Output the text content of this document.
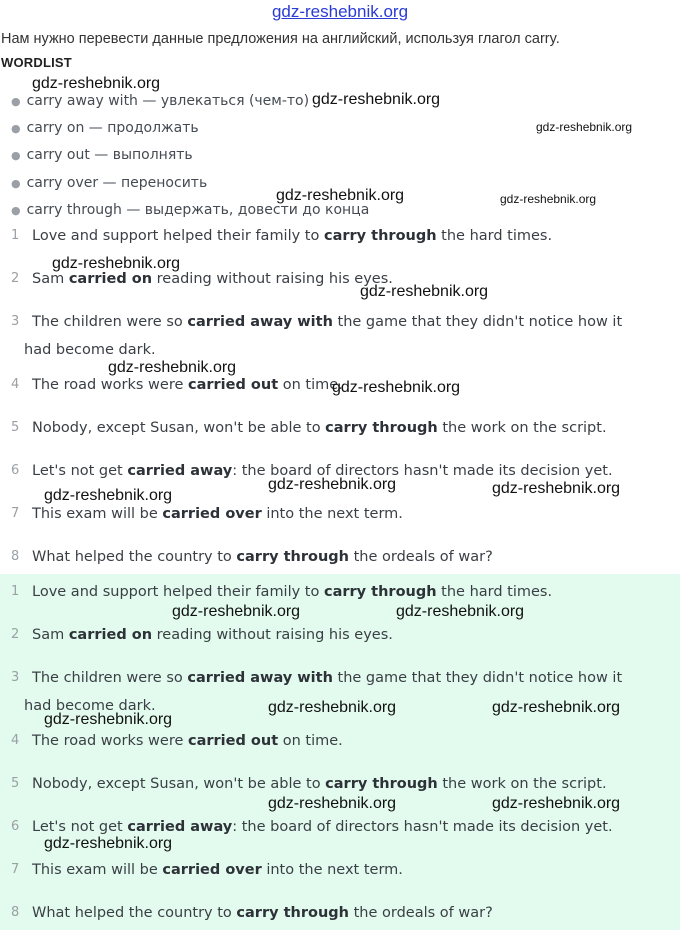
gdz-reshebnik.org
Нам нужно перевести данные предложения на английский, используя глагол carry.
WORDLIST
● carry away with — увлекаться (чем-то)
● carry on — продолжать
● carry out — выполнять
● carry over — переносить
● carry through — выдержать, довести до конца
1 Love and support helped their family to carry through the hard times.
2 Sam carried on reading without raising his eyes.
3 The children were so carried away with the game that they didn't notice how it had become dark.
4 The road works were carried out on time.
5 Nobody, except Susan, won't be able to carry through the work on the script.
6 Let's not get carried away: the board of directors hasn't made its decision yet.
7 This exam will be carried over into the next term.
8 What helped the country to carry through the ordeals of war?
1 Love and support helped their family to carry through the hard times.
2 Sam carried on reading without raising his eyes.
3 The children were so carried away with the game that they didn't notice how it had become dark.
4 The road works were carried out on time.
5 Nobody, except Susan, won't be able to carry through the work on the script.
6 Let's not get carried away: the board of directors hasn't made its decision yet.
7 This exam will be carried over into the next term.
8 What helped the country to carry through the ordeals of war?
gdz-reshebnik.org
gdz-reshebnik.org
gdz-reshebnik.org
gdz-reshebnik.org	gdz-reshebnik.org
gdz-reshebnik.org
gdz-reshebnik.org
gdz-reshebnik.org
gdz-reshebnik.org
gdz-reshebnik.org
gdz-reshebnik.org	gdz-reshebnik.org
gdz-reshebnik.org	gdz-reshebnik.org
gdz-reshebnik.org	gdz-reshebnik.org
gdz-reshebnik.org
gdz-reshebnik.org	gdz-reshebnik.org
gdz-reshebnik.org
